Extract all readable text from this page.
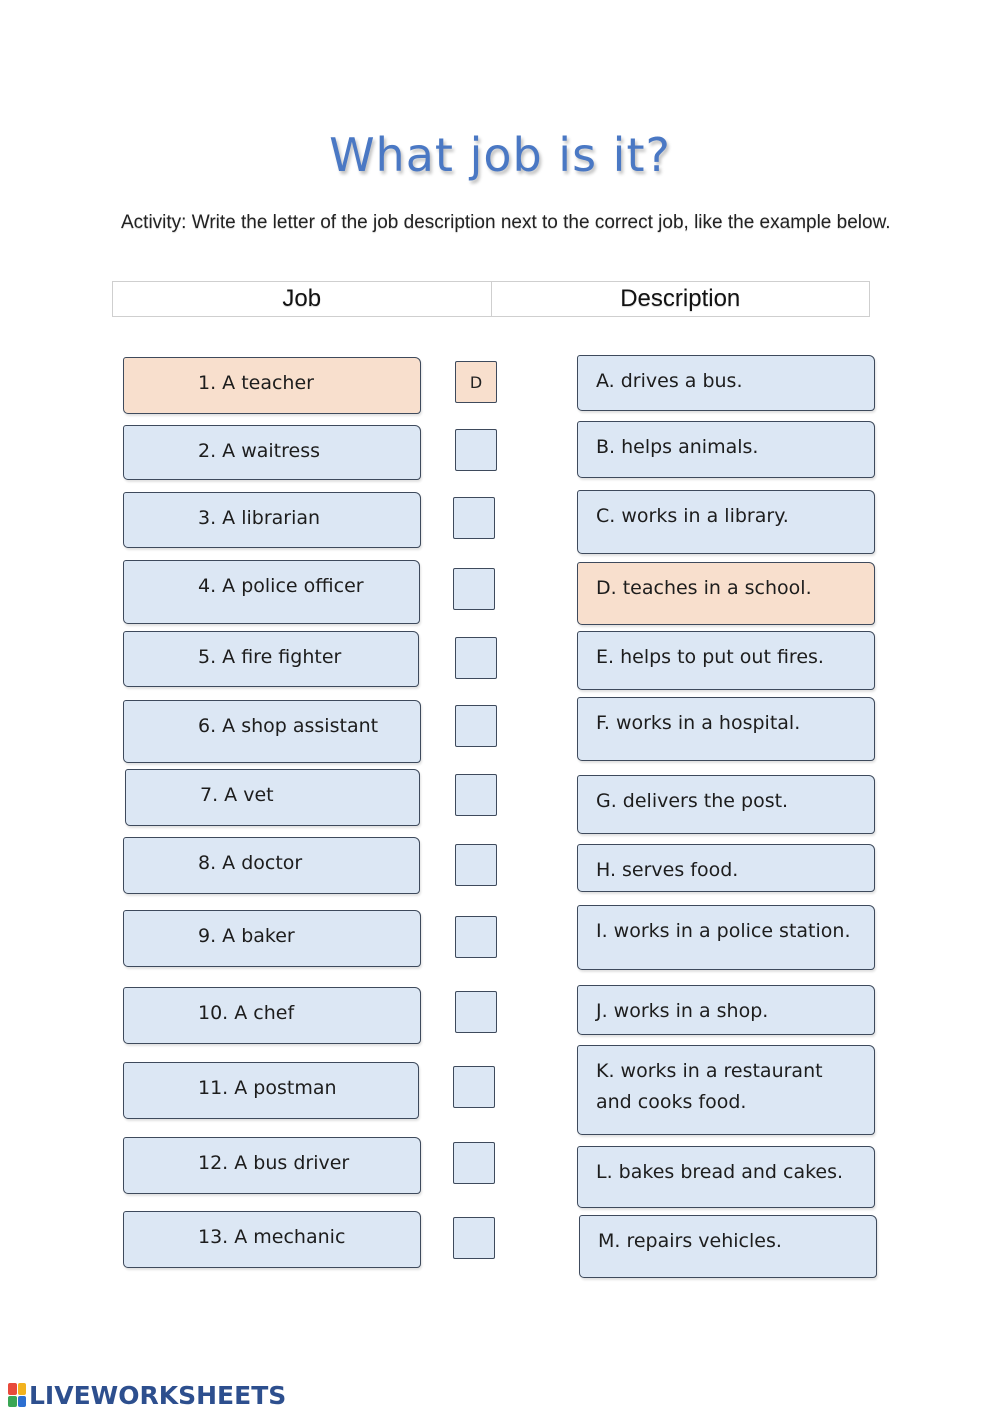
What job is it?
Activity: Write the letter of the job description next to the correct job, like the example below.
Job	Description
1. A teacher
2. A waitress
3. A librarian
4. A police officer
5. A fire fighter
6. A shop assistant
7. A vet
8. A doctor
9. A baker
10. A chef
11. A postman
12. A bus driver
13. A mechanic
D
A. drives a bus.
B. helps animals.
C. works in a library.
D. teaches in a school.
E. helps to put out fires.
F. works in a hospital.
G. delivers the post.
H. serves food.
I. works in a police station.
J. works in a shop.
K. works in a restaurant and cooks food.
L. bakes bread and cakes.
M. repairs vehicles.
LIVEWORKSHEETS
